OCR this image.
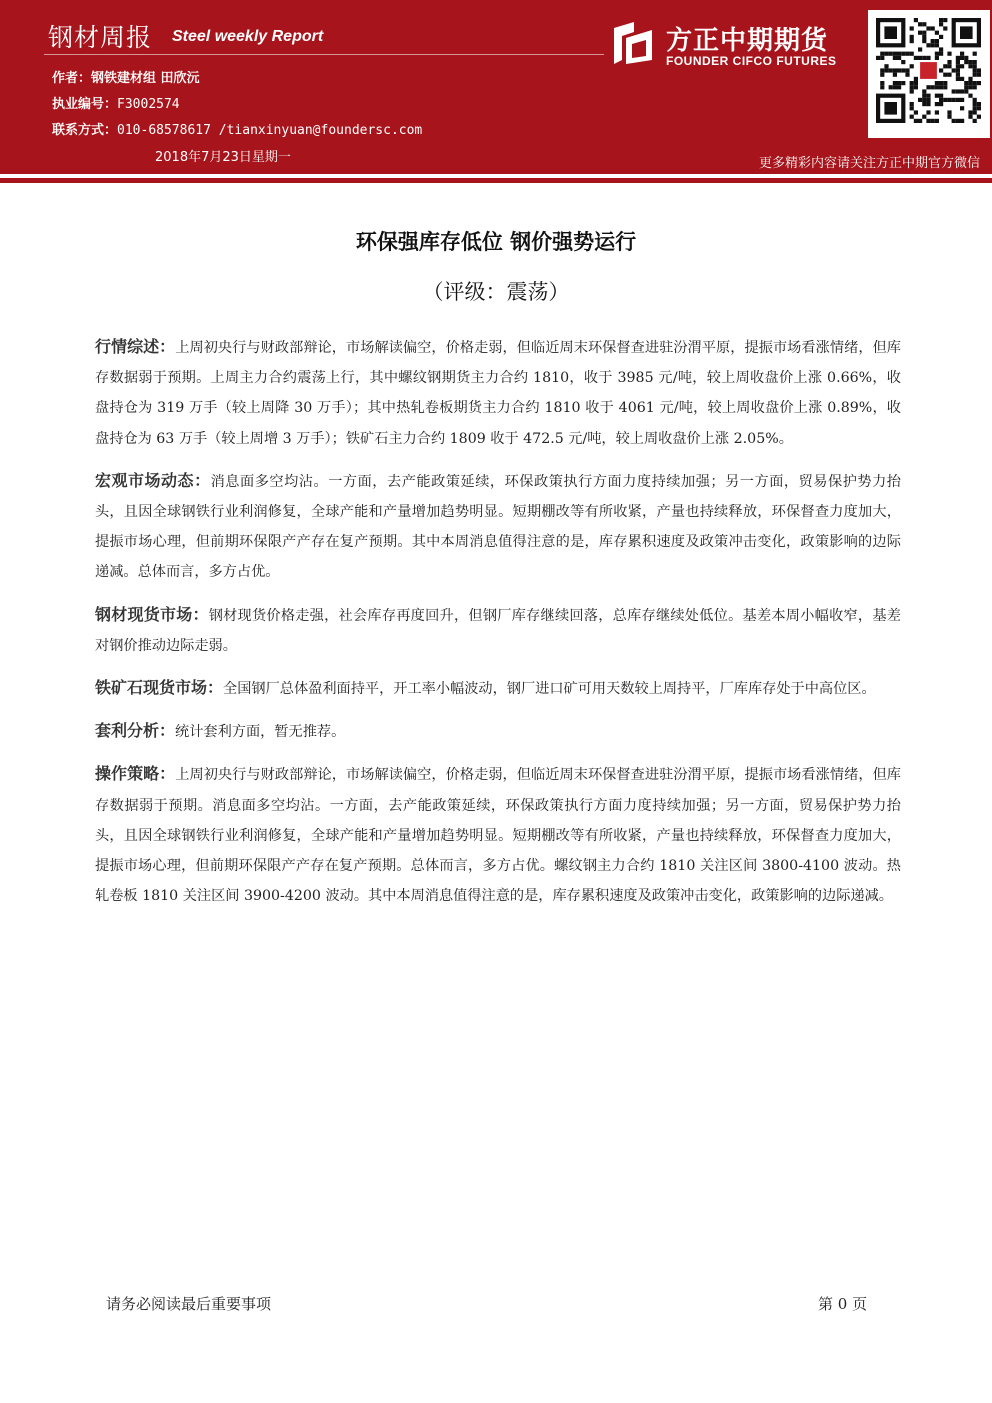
钢材周报 Steel weekly Report
作者：钢铁建材组 田欣沅
执业编号：F3002574
联系方式：010-68578617 /tianxinyuan@foundersc.com
2018年7月23日星期一
方正中期期货
FOUNDER CIFCO FUTURES
更多精彩内容请关注方正中期官方微信
环保强库存低位 钢价强势运行
（评级：震荡）

行情综述：上周初央行与财政部辩论，市场解读偏空，价格走弱，但临近周末环保督查进驻汾渭平原，提振市场看涨情绪，但库存数据弱于预期。上周主力合约震荡上行，其中螺纹钢期货主力合约 1810，收于 3985 元/吨，较上周收盘价上涨 0.66%，收盘持仓为 319 万手（较上周降 30 万手）；其中热轧卷板期货主力合约 1810 收于 4061 元/吨，较上周收盘价上涨 0.89%，收盘持仓为 63 万手（较上周增 3 万手）；铁矿石主力合约 1809 收于 472.5 元/吨，较上周收盘价上涨 2.05%。

宏观市场动态：消息面多空均沾。一方面，去产能政策延续，环保政策执行方面力度持续加强；另一方面，贸易保护势力抬头，且因全球钢铁行业利润修复，全球产能和产量增加趋势明显。短期棚改等有所收紧，产量也持续释放，环保督查力度加大，提振市场心理，但前期环保限产产存在复产预期。其中本周消息值得注意的是，库存累积速度及政策冲击变化，政策影响的边际递减。总体而言，多方占优。

钢材现货市场：钢材现货价格走强，社会库存再度回升，但钢厂库存继续回落，总库存继续处低位。基差本周小幅收窄，基差对钢价推动边际走弱。

铁矿石现货市场：全国钢厂总体盈利面持平，开工率小幅波动，钢厂进口矿可用天数较上周持平，厂库库存处于中高位区。

套利分析：统计套利方面，暂无推荐。

操作策略：上周初央行与财政部辩论，市场解读偏空，价格走弱，但临近周末环保督查进驻汾渭平原，提振市场看涨情绪，但库存数据弱于预期。消息面多空均沾。一方面，去产能政策延续，环保政策执行方面力度持续加强；另一方面，贸易保护势力抬头，且因全球钢铁行业利润修复，全球产能和产量增加趋势明显。短期棚改等有所收紧，产量也持续释放，环保督查力度加大，提振市场心理，但前期环保限产产存在复产预期。总体而言，多方占优。螺纹钢主力合约 1810 关注区间 3800-4100 波动。热轧卷板 1810 关注区间 3900-4200 波动。其中本周消息值得注意的是，库存累积速度及政策冲击变化，政策影响的边际递减。

请务必阅读最后重要事项	第 0 页
